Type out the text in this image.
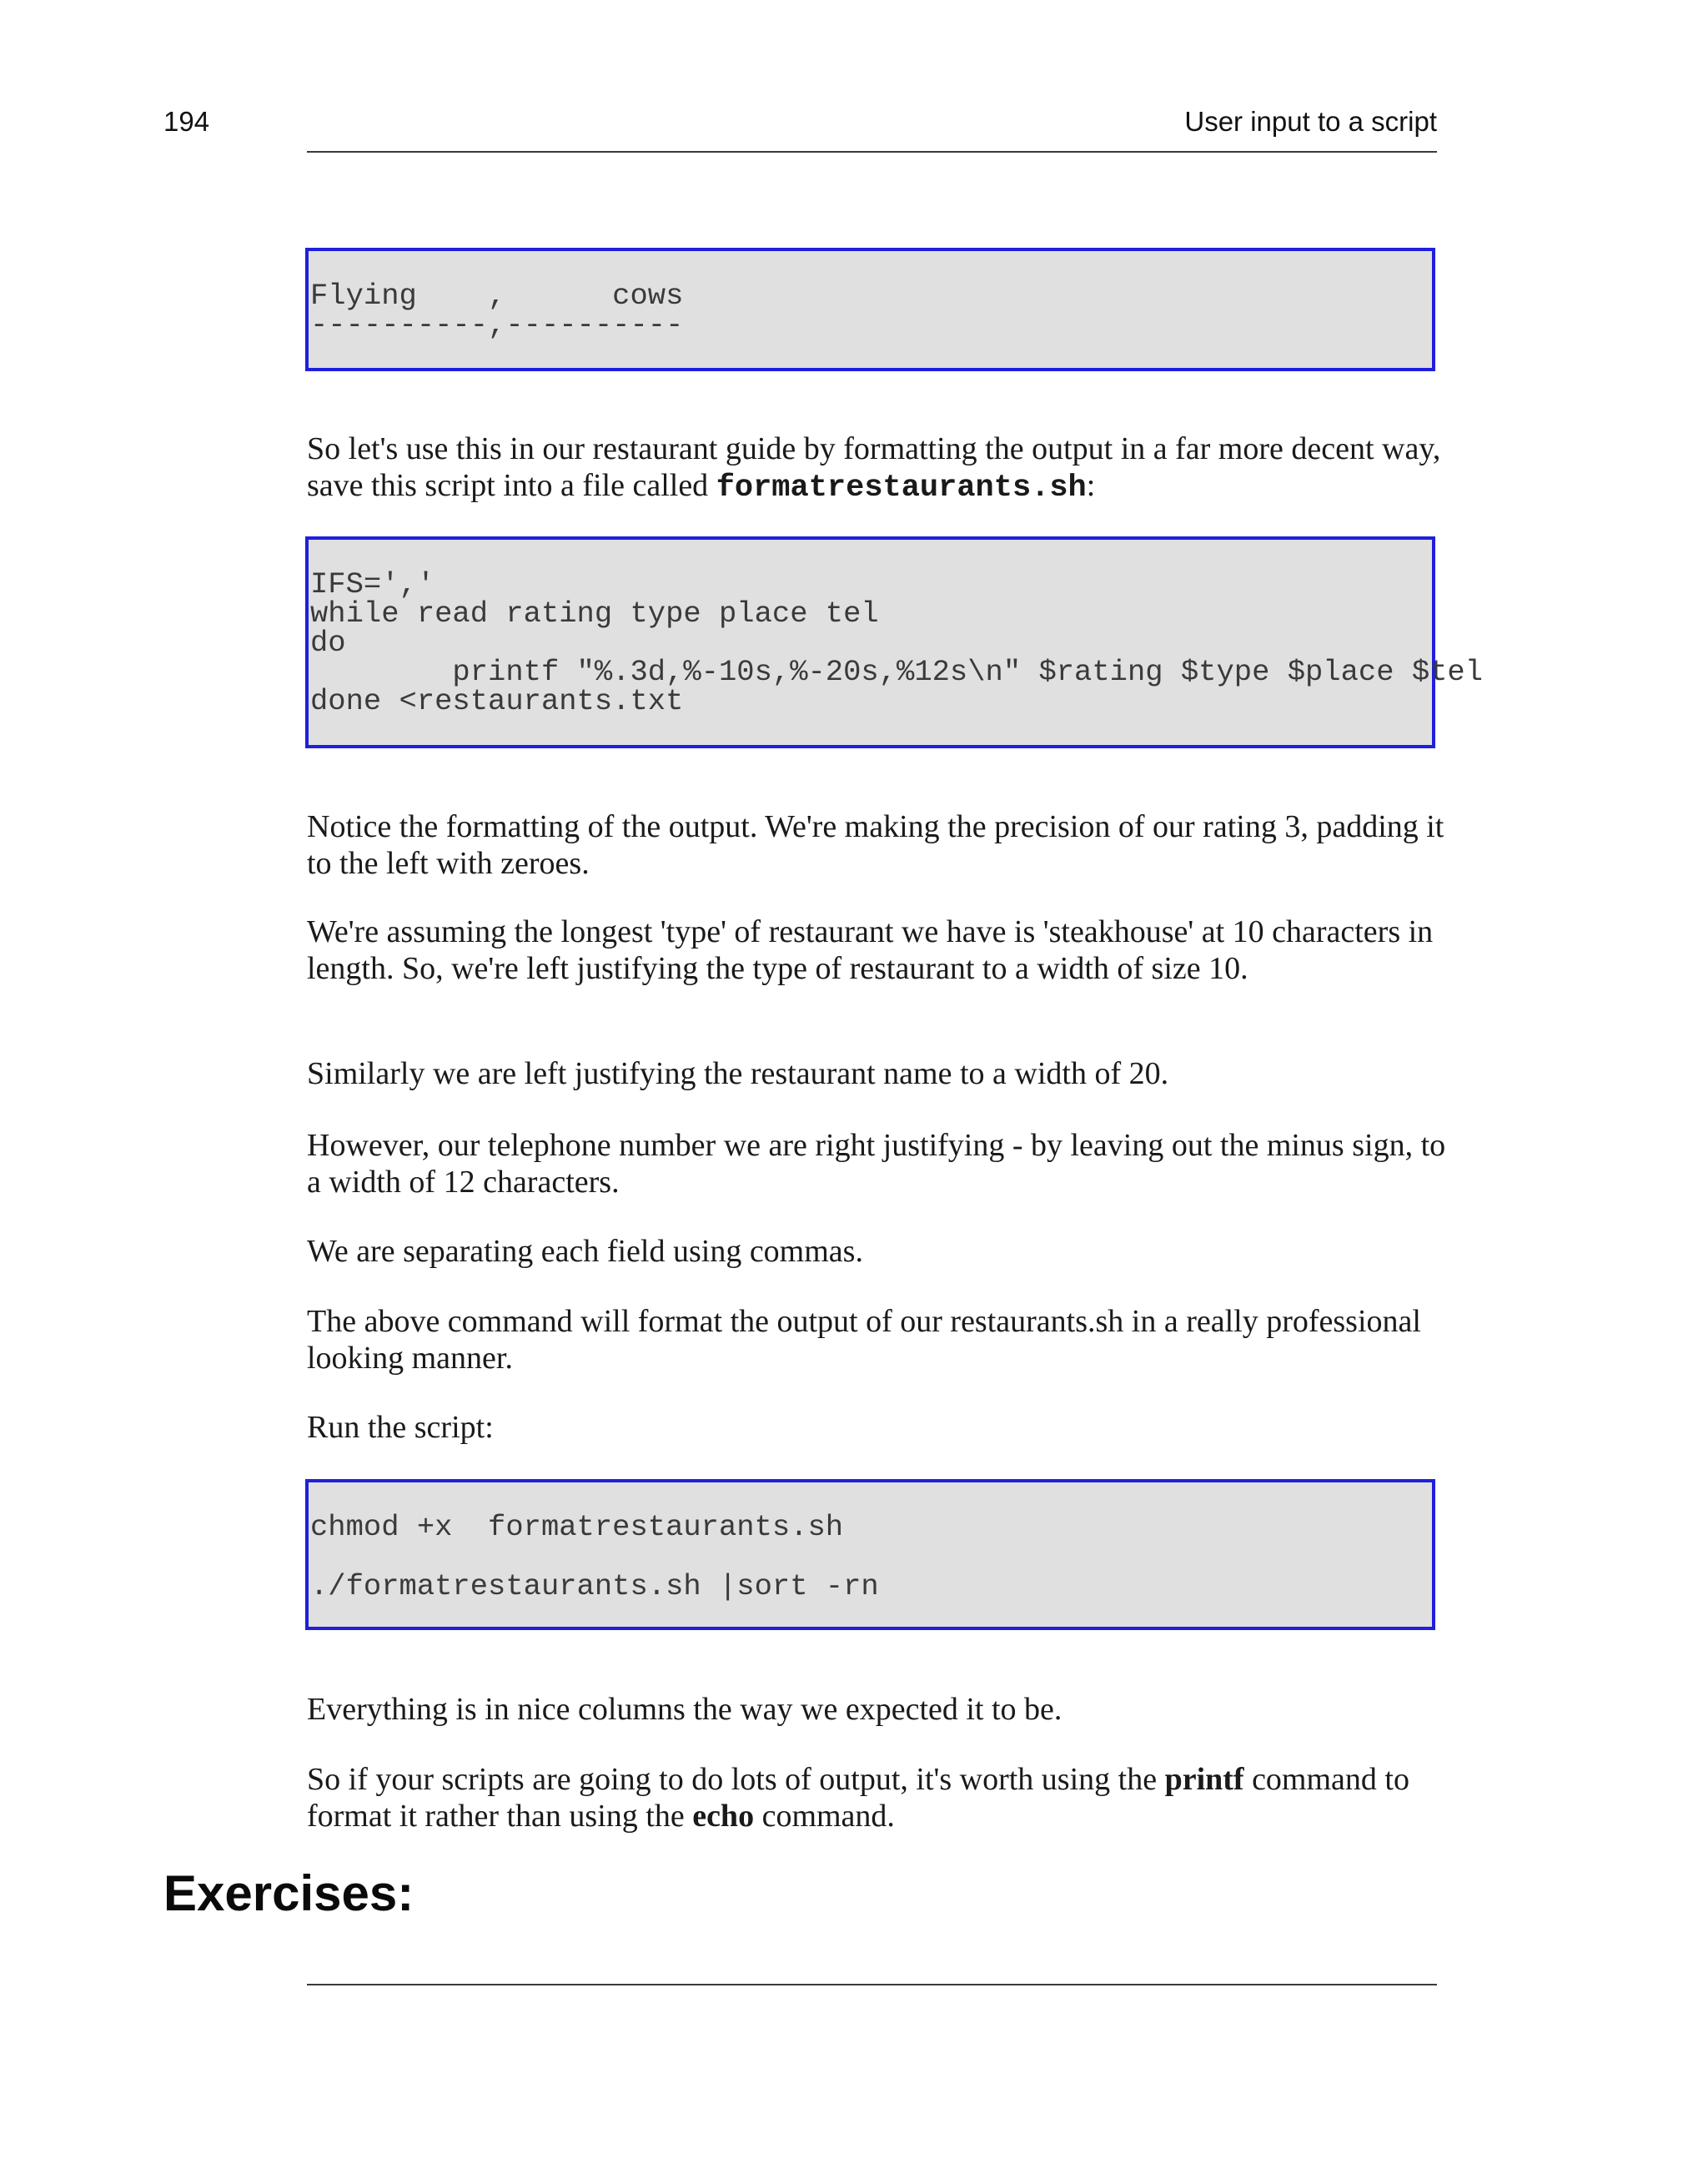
194	User input to a script
Flying    ,      cows
----------,----------

So let's use this in our restaurant guide by formatting the output in a far more decent way, save this script into a file called formatrestaurants.sh:

IFS=','
while read rating type place tel
do
printf "%.3d,%-10s,%-20s,%12s\n" $rating $type $place $tel
done <restaurants.txt

Notice the formatting of the output. We're making the precision of our rating 3, padding it to the left with zeroes.

We're assuming the longest 'type' of restaurant we have is 'steakhouse' at 10 characters in length. So, we're left justifying the type of restaurant to a width of size 10.

Similarly we are left justifying the restaurant name to a width of 20.

However, our telephone number we are right justifying - by leaving out the minus sign, to a width of 12 characters.

We are separating each field using commas.

The above command will format the output of our restaurants.sh in a really professional looking manner.

Run the script:

chmod +x  formatrestaurants.sh
./formatrestaurants.sh |sort -rn

Everything is in nice columns the way we expected it to be.

So if your scripts are going to do lots of output, it's worth using the printf command to format it rather than using the echo command.

Exercises:
